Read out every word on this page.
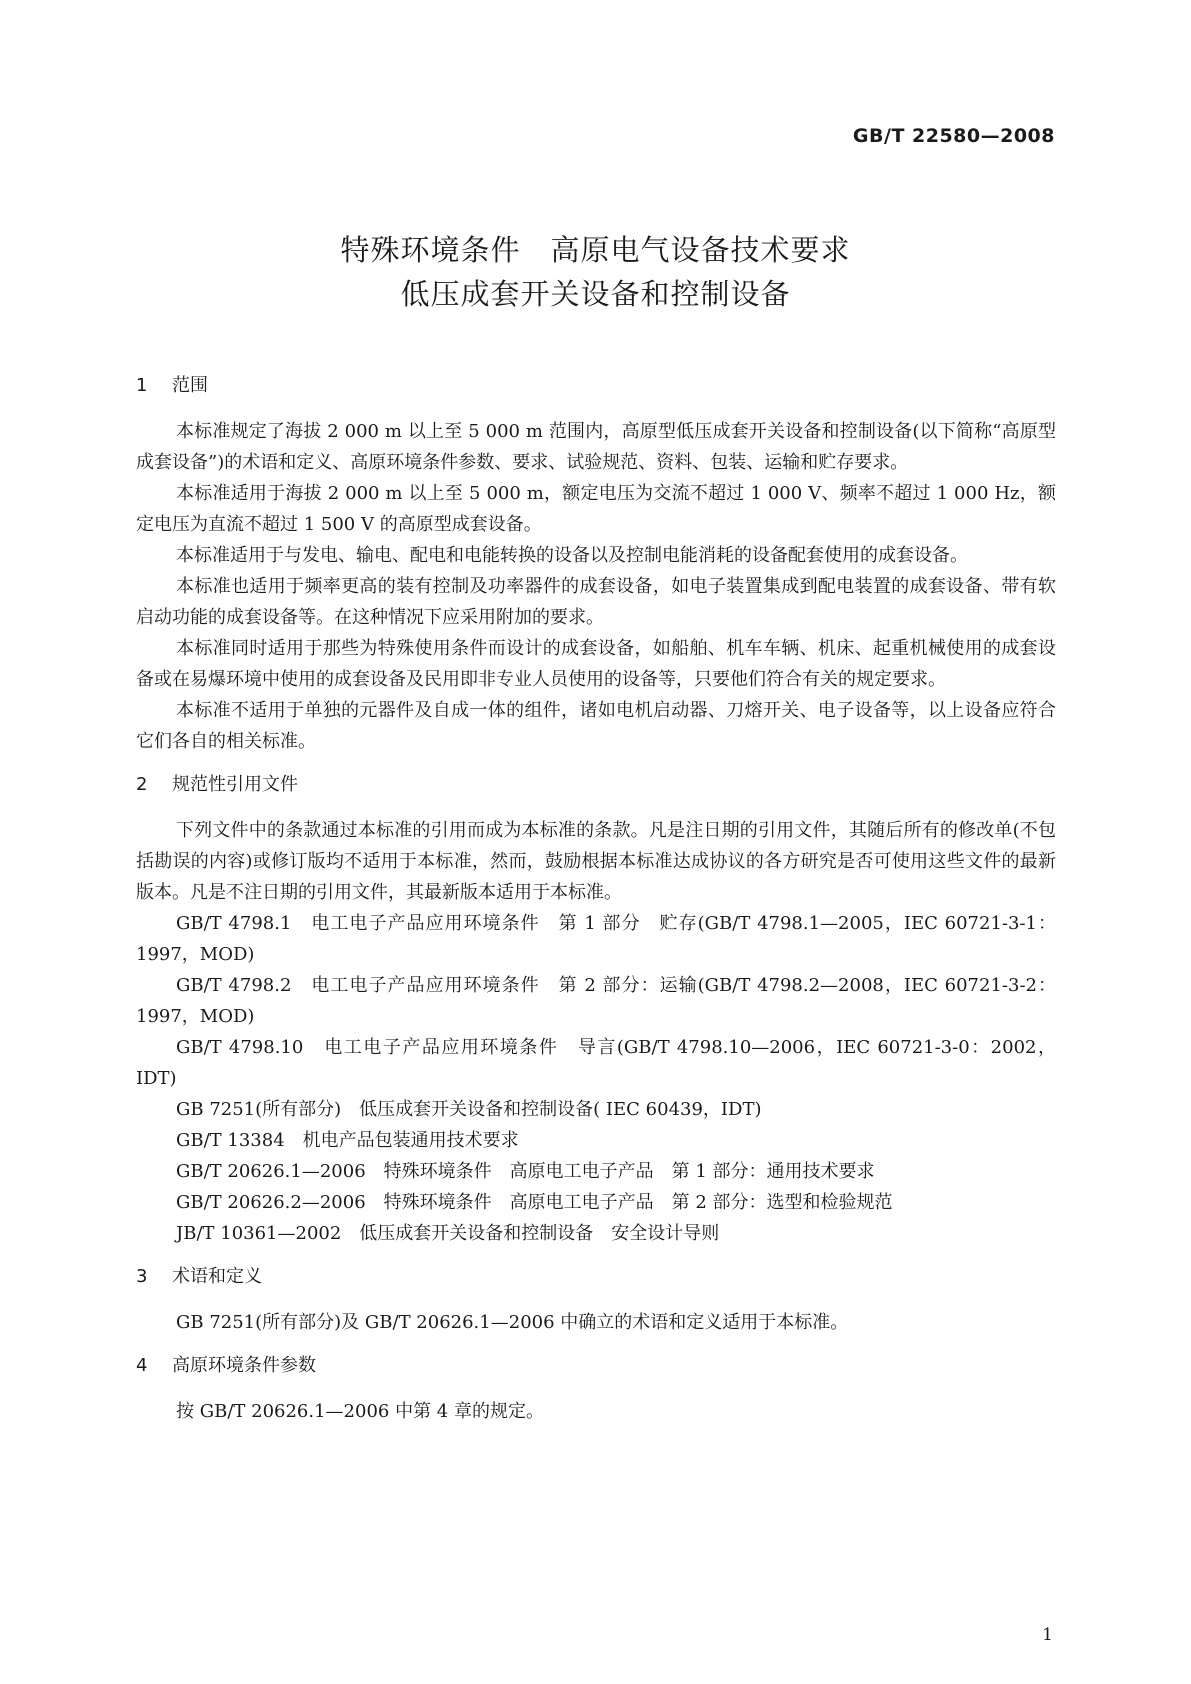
GB/T 22580—2008
特殊环境条件　高原电气设备技术要求
低压成套开关设备和控制设备
1 范围

本标准规定了海拔 2 000 m 以上至 5 000 m 范围内，高原型低压成套开关设备和控制设备(以下简称“高原型成套设备”)的术语和定义、高原环境条件参数、要求、试验规范、资料、包装、运输和贮存要求。

本标准适用于海拔 2 000 m 以上至 5 000 m，额定电压为交流不超过 1 000 V、频率不超过 1 000 Hz，额定电压为直流不超过 1 500 V 的高原型成套设备。

本标准适用于与发电、输电、配电和电能转换的设备以及控制电能消耗的设备配套使用的成套设备。

本标准也适用于频率更高的装有控制及功率器件的成套设备，如电子装置集成到配电装置的成套设备、带有软启动功能的成套设备等。在这种情况下应采用附加的要求。

本标准同时适用于那些为特殊使用条件而设计的成套设备，如船舶、机车车辆、机床、起重机械使用的成套设备或在易爆环境中使用的成套设备及民用即非专业人员使用的设备等，只要他们符合有关的规定要求。

本标准不适用于单独的元器件及自成一体的组件，诸如电机启动器、刀熔开关、电子设备等，以上设备应符合它们各自的相关标准。

2 规范性引用文件

下列文件中的条款通过本标准的引用而成为本标准的条款。凡是注日期的引用文件，其随后所有的修改单(不包括勘误的内容)或修订版均不适用于本标准，然而，鼓励根据本标准达成协议的各方研究是否可使用这些文件的最新版本。凡是不注日期的引用文件，其最新版本适用于本标准。

GB/T 4798.1　电工电子产品应用环境条件　第 1 部分　贮存(GB/T 4798.1—2005，IEC 60721-3-1：1997，MOD)

GB/T 4798.2　电工电子产品应用环境条件　第 2 部分：运输(GB/T 4798.2—2008，IEC 60721-3-2：1997，MOD)

GB/T 4798.10　电工电子产品应用环境条件　导言(GB/T 4798.10—2006，IEC 60721-3-0：2002，IDT)

GB 7251(所有部分)　低压成套开关设备和控制设备( IEC 60439，IDT)

GB/T 13384　机电产品包装通用技术要求

GB/T 20626.1—2006　特殊环境条件　高原电工电子产品　第 1 部分：通用技术要求

GB/T 20626.2—2006　特殊环境条件　高原电工电子产品　第 2 部分：选型和检验规范

JB/T 10361—2002　低压成套开关设备和控制设备　安全设计导则

3 术语和定义

GB 7251(所有部分)及 GB/T 20626.1—2006 中确立的术语和定义适用于本标准。

4 高原环境条件参数

按 GB/T 20626.1—2006 中第 4 章的规定。

1
